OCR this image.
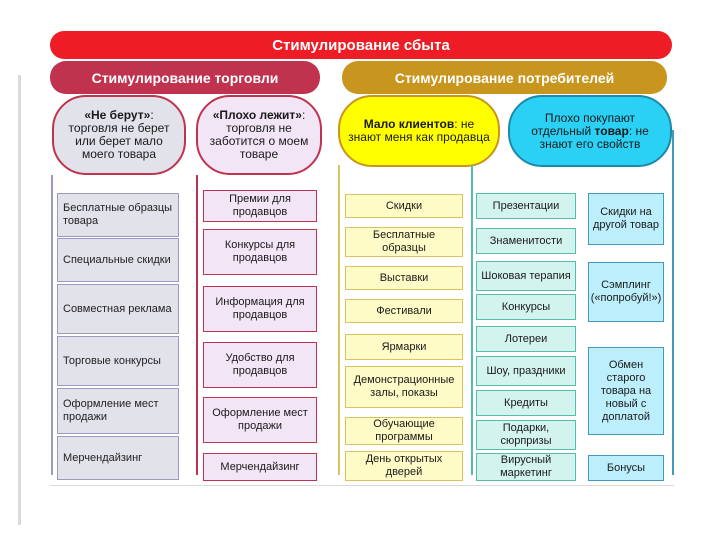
Стимулирование сбыта
Стимулирование торговли	Стимулирование потребителей
«Не берут»: торговля не берет или берет мало моего товара
«Плохо лежит»: торговля не заботится о моем товаре
Мало клиентов: не знают меня как продавца
Плохо покупают отдельный товар: не знают его свойств
Бесплатные образцы товара
Специальные скидки
Совместная реклама
Торговые конкурсы
Оформление мест продажи
Мерчендайзинг
Премии для продавцов
Конкурсы для продавцов
Информация для продавцов
Удобство для продавцов
Оформление мест продажи
Мерчендайзинг
Скидки
Бесплатные образцы
Выставки
Фестивали
Ярмарки
Демонстрационные залы, показы
Обучающие программы
День открытых дверей
Презентации
Знаменитости
Шоковая терапия
Конкурсы
Лотереи
Шоу, праздники
Кредиты
Подарки, сюрпризы
Вирусный маркетинг
Скидки на другой товар
Сэмплинг («попробуй!»)
Обмен старого товара на новый с доплатой
Бонусы
